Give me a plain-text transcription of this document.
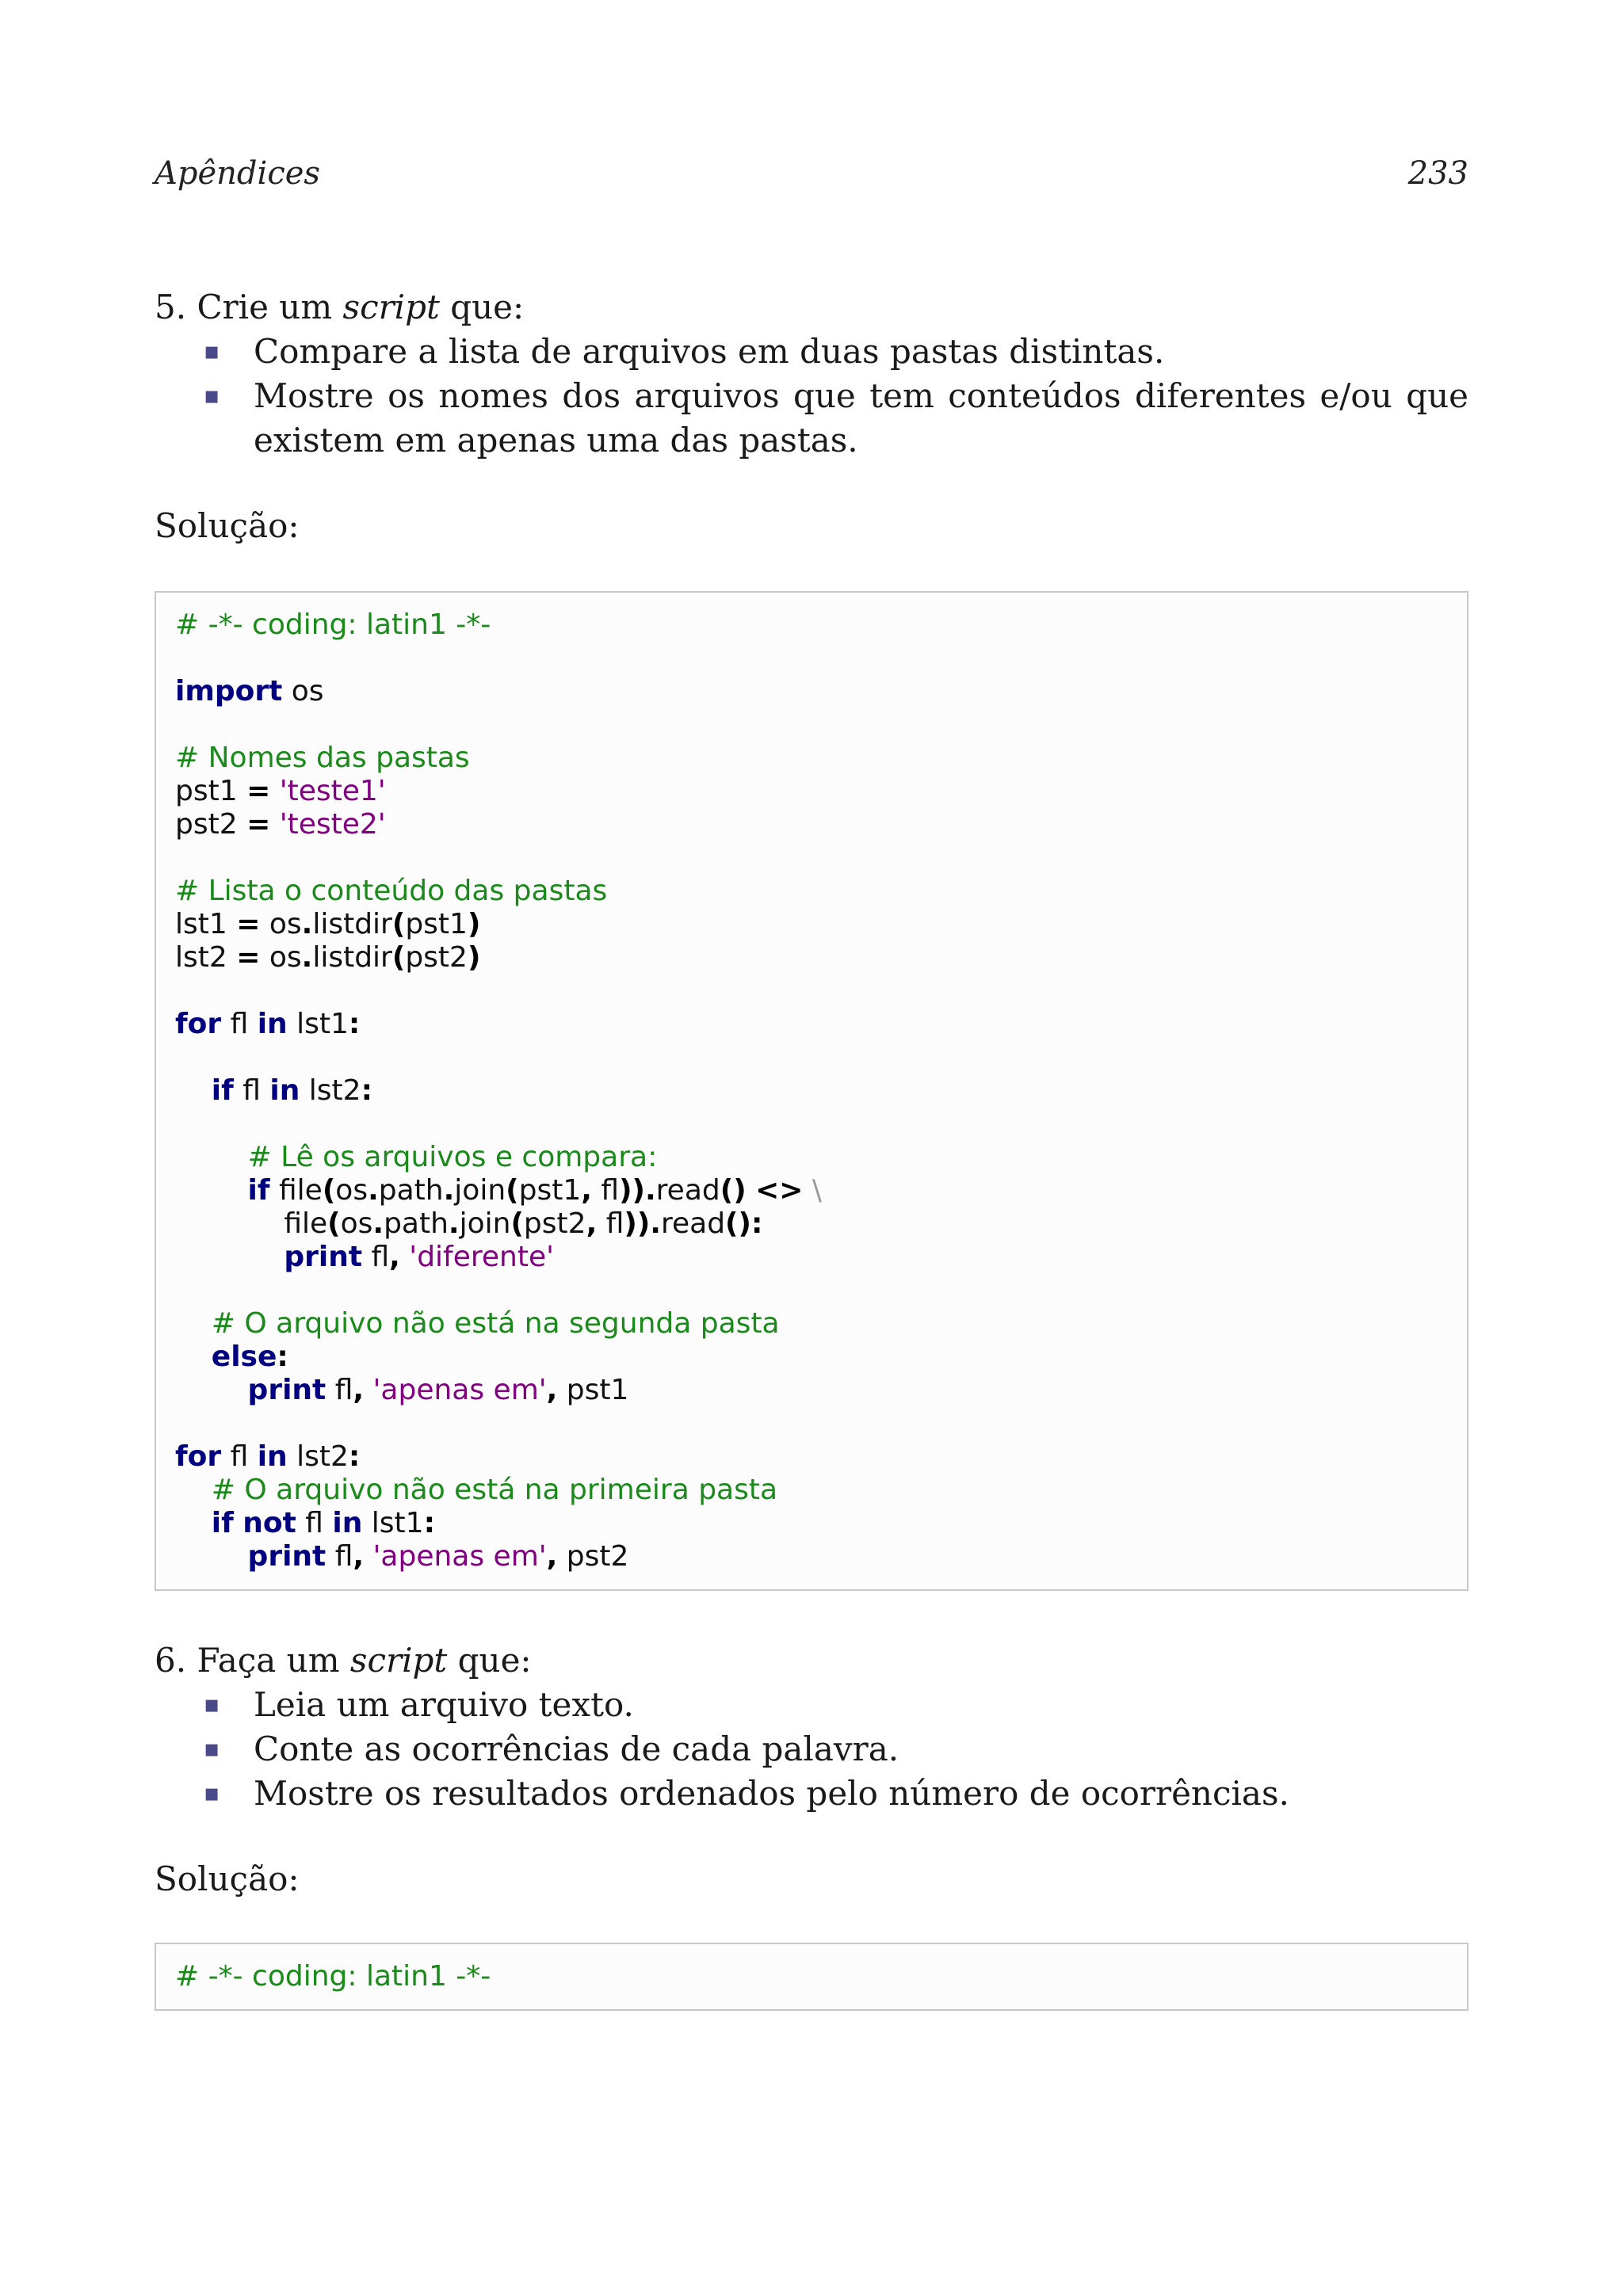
Apêndices	233
5. Crie um script que:
▪ Compare a lista de arquivos em duas pastas distintas.
▪ Mostre os nomes dos arquivos que tem conteúdos diferentes e/ou que existem em apenas uma das pastas.
Solução:
# -*- coding: latin1 -*-

import os

# Nomes das pastas
pst1 = 'teste1'
pst2 = 'teste2'

# Lista o conteúdo das pastas
lst1 = os.listdir(pst1)
lst2 = os.listdir(pst2)

for fl in lst1:

if fl in lst2:

# Lê os arquivos e compara:
if file(os.path.join(pst1, fl)).read() <> \
file(os.path.join(pst2, fl)).read():
print fl, 'diferente'

# O arquivo não está na segunda pasta
else:
print fl, 'apenas em', pst1

for fl in lst2:
# O arquivo não está na primeira pasta
if not fl in lst1:
print fl, 'apenas em', pst2
6. Faça um script que:
▪ Leia um arquivo texto.
▪ Conte as ocorrências de cada palavra.
▪ Mostre os resultados ordenados pelo número de ocorrências.
Solução:
# -*- coding: latin1 -*-
